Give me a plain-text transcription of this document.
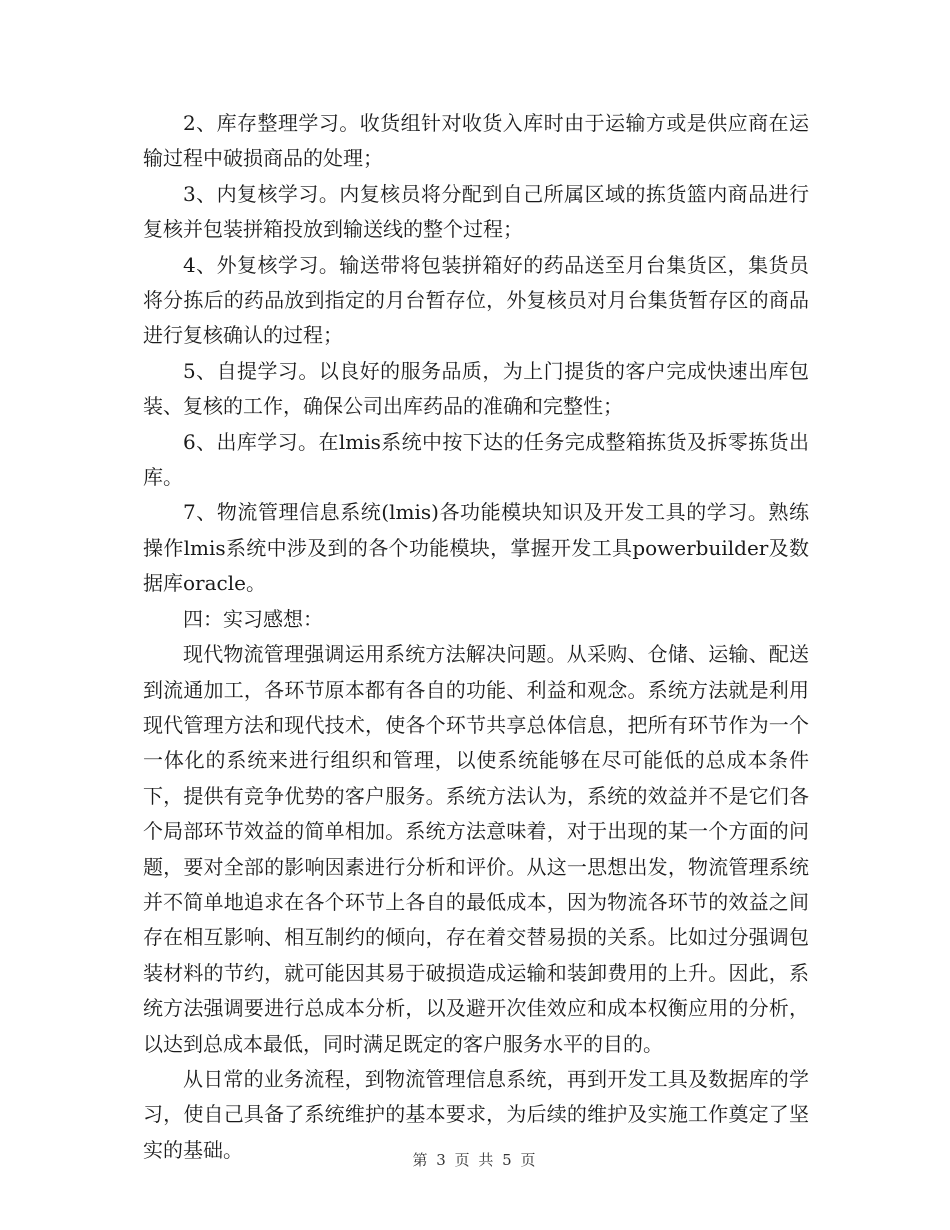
2、库存整理学习。收货组针对收货入库时由于运输方或是供应商在运输过程中破损商品的处理；

3、内复核学习。内复核员将分配到自己所属区域的拣货篮内商品进行复核并包装拼箱投放到输送线的整个过程；

4、外复核学习。输送带将包装拼箱好的药品送至月台集货区，集货员将分拣后的药品放到指定的月台暂存位，外复核员对月台集货暂存区的商品进行复核确认的过程；

5、自提学习。以良好的服务品质，为上门提货的客户完成快速出库包装、复核的工作，确保公司出库药品的准确和完整性；

6、出库学习。在lmis系统中按下达的任务完成整箱拣货及拆零拣货出库。

7、物流管理信息系统(lmis)各功能模块知识及开发工具的学习。熟练操作lmis系统中涉及到的各个功能模块，掌握开发工具powerbuilder及数据库oracle。

四：实习感想：

现代物流管理强调运用系统方法解决问题。从采购、仓储、运输、配送到流通加工，各环节原本都有各自的功能、利益和观念。系统方法就是利用现代管理方法和现代技术，使各个环节共享总体信息，把所有环节作为一个一体化的系统来进行组织和管理，以使系统能够在尽可能低的总成本条件下，提供有竞争优势的客户服务。系统方法认为，系统的效益并不是它们各个局部环节效益的简单相加。系统方法意味着，对于出现的某一个方面的问题，要对全部的影响因素进行分析和评价。从这一思想出发，物流管理系统并不简单地追求在各个环节上各自的最低成本，因为物流各环节的效益之间存在相互影响、相互制约的倾向，存在着交替易损的关系。比如过分强调包装材料的节约，就可能因其易于破损造成运输和装卸费用的上升。因此，系统方法强调要进行总成本分析，以及避开次佳效应和成本权衡应用的分析，以达到总成本最低，同时满足既定的客户服务水平的目的。

从日常的业务流程，到物流管理信息系统，再到开发工具及数据库的学习，使自己具备了系统维护的基本要求，为后续的维护及实施工作奠定了坚实的基础。	第 3 页 共 5 页
